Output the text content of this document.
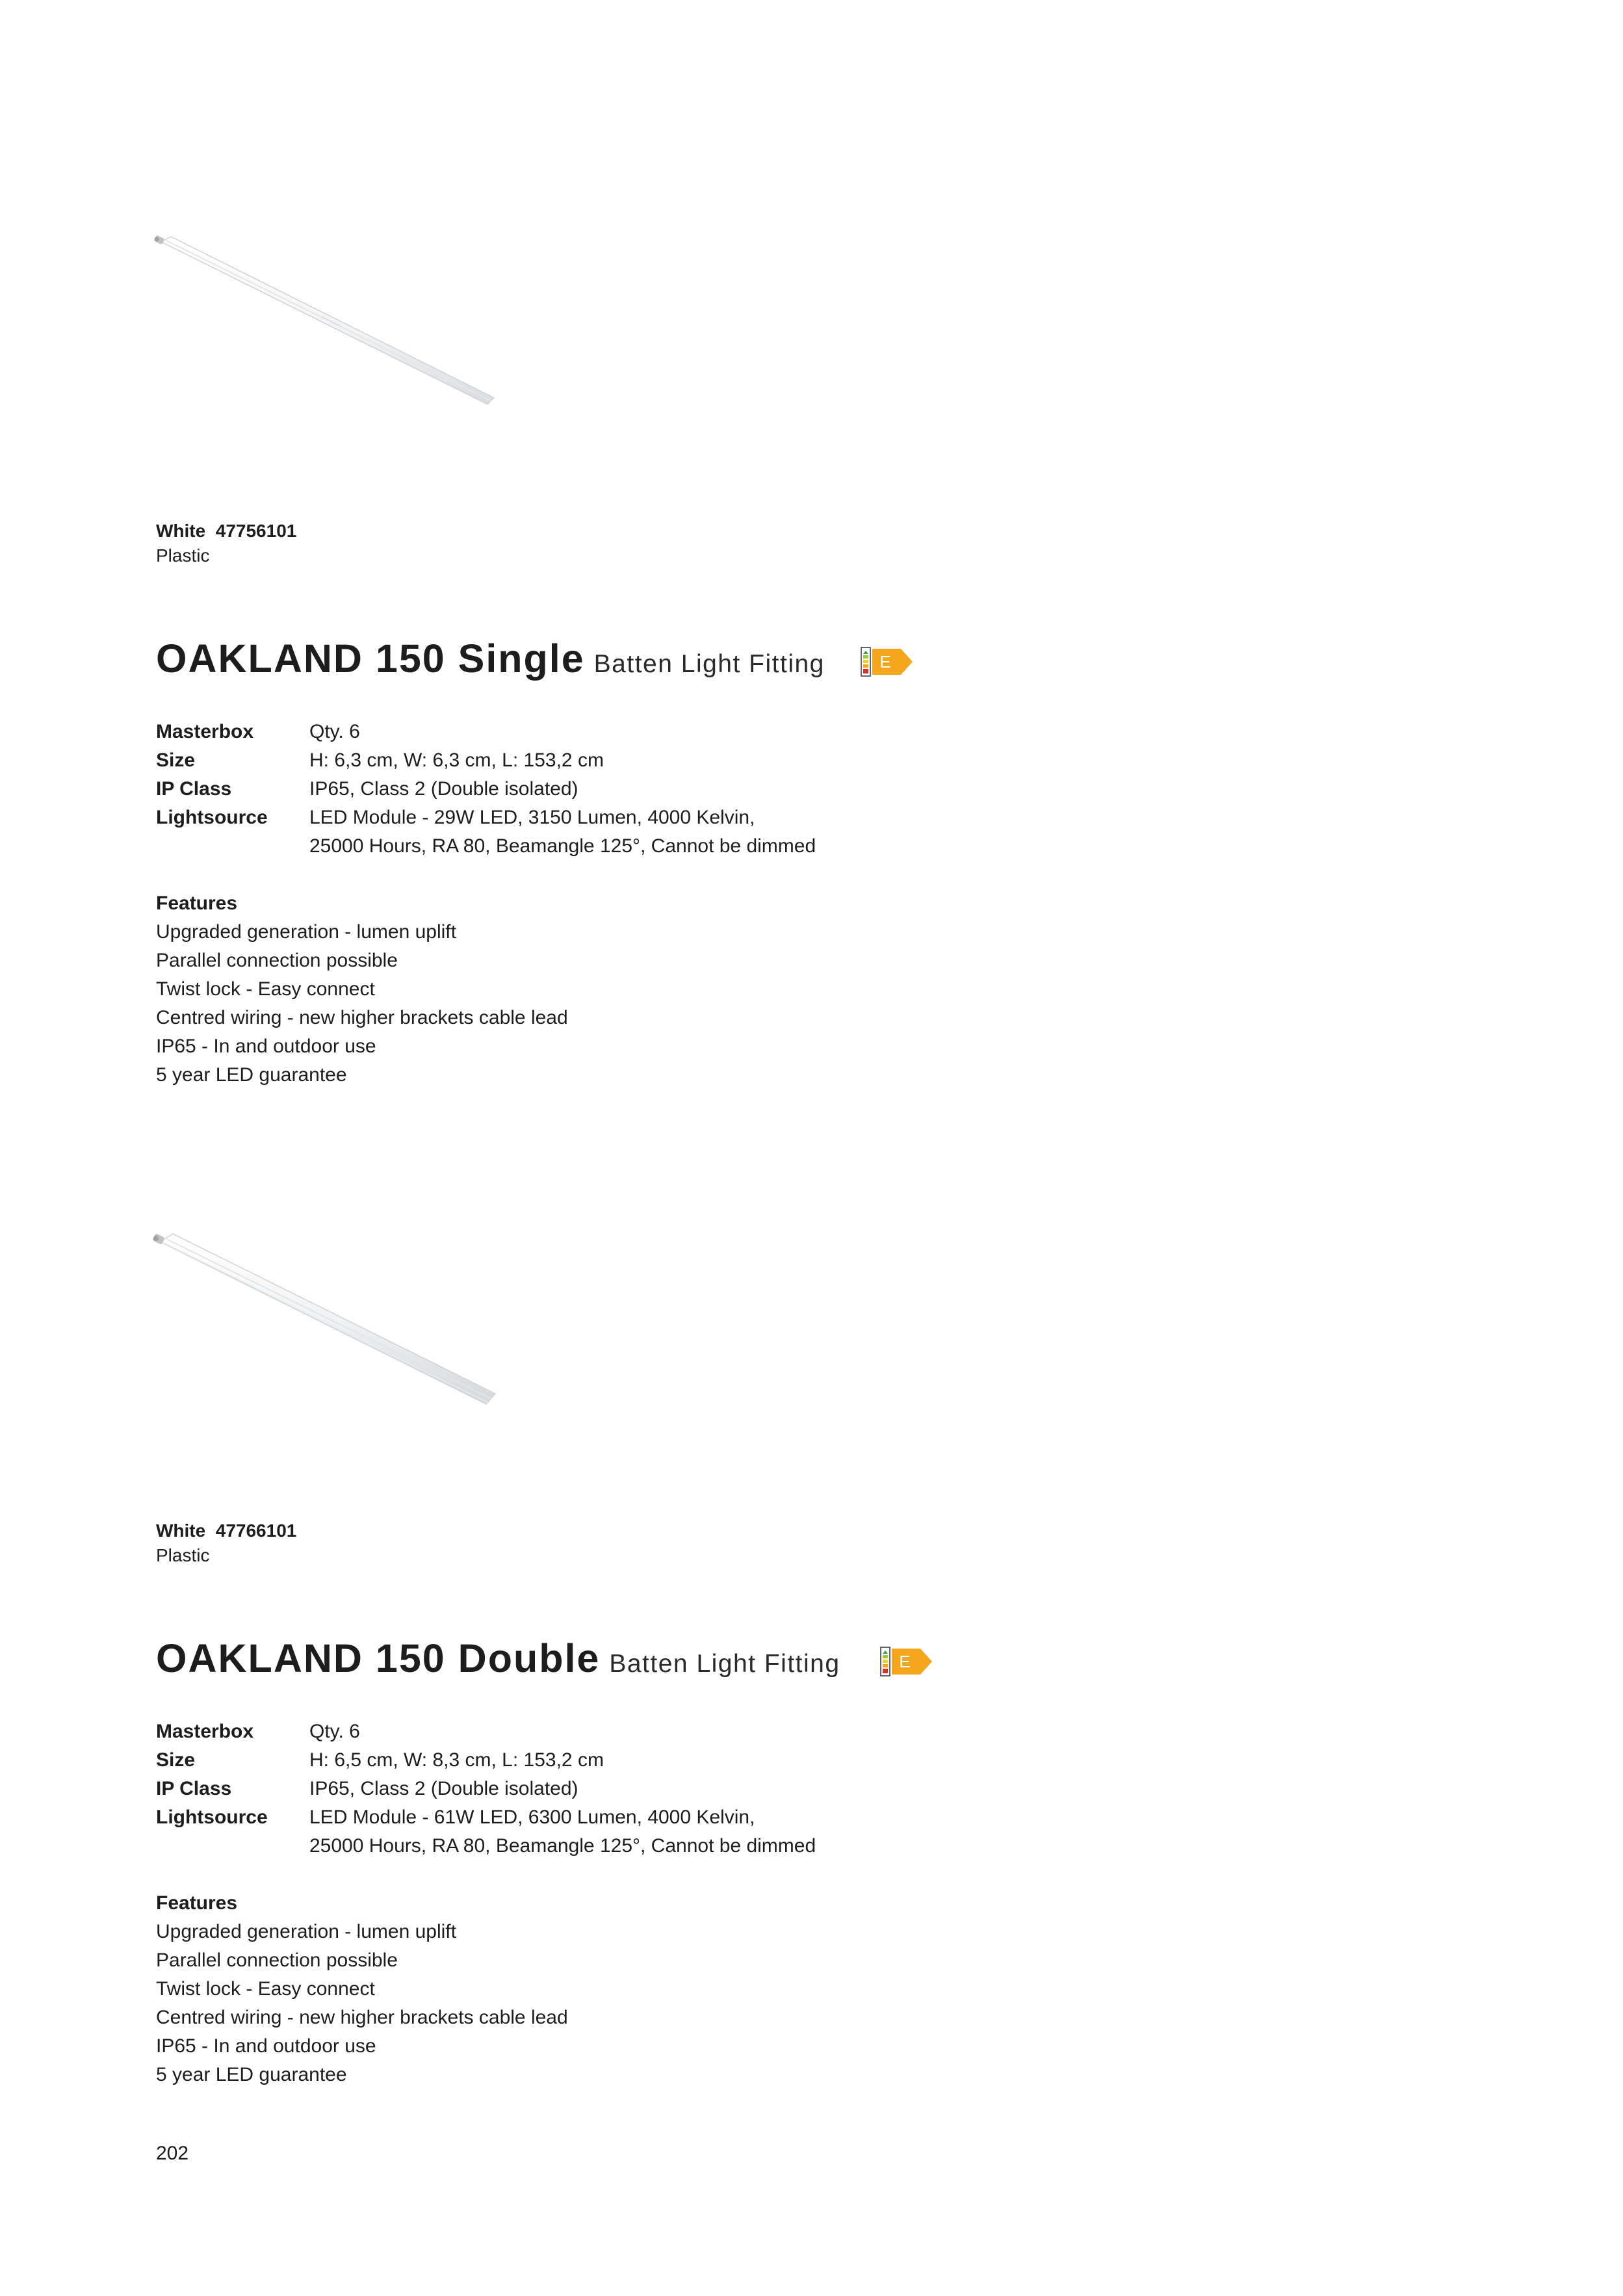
White  47756101
Plastic
OAKLAND 150 Single Batten Light Fitting	E
Masterbox	Qty. 6
Size	H: 6,3 cm, W: 6,3 cm, L: 153,2 cm
IP Class	IP65, Class 2 (Double isolated)
Lightsource	LED Module - 29W LED, 3150 Lumen, 4000 Kelvin,
25000 Hours, RA 80, Beamangle 125°, Cannot be dimmed
Features
Upgraded generation - lumen uplift
Parallel connection possible
Twist lock - Easy connect
Centred wiring - new higher brackets cable lead
IP65 - In and outdoor use
5 year LED guarantee
White  47766101
Plastic
OAKLAND 150 Double Batten Light Fitting	E
Masterbox	Qty. 6
Size	H: 6,5 cm, W: 8,3 cm, L: 153,2 cm
IP Class	IP65, Class 2 (Double isolated)
Lightsource	LED Module - 61W LED, 6300 Lumen, 4000 Kelvin,
25000 Hours, RA 80, Beamangle 125°, Cannot be dimmed
Features
Upgraded generation - lumen uplift
Parallel connection possible
Twist lock - Easy connect
Centred wiring - new higher brackets cable lead
IP65 - In and outdoor use
5 year LED guarantee
202
